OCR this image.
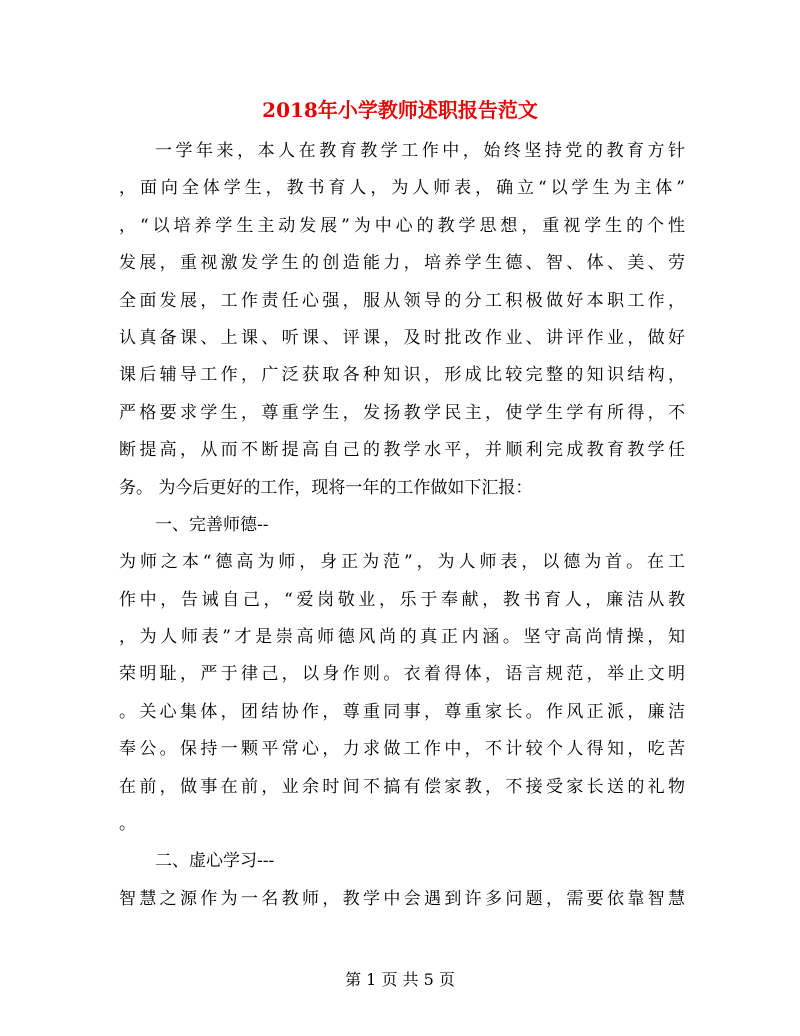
2018年小学教师述职报告范文
一学年来，本人在教育教学工作中，始终坚持党的教育方针
，面向全体学生，教书育人，为人师表，确立“以学生为主体”
，“以培养学生主动发展”为中心的教学思想，重视学生的个性
发展，重视激发学生的创造能力，培养学生德、智、体、美、劳
全面发展，工作责任心强，服从领导的分工积极做好本职工作，
认真备课、上课、听课、评课，及时批改作业、讲评作业，做好
课后辅导工作，广泛获取各种知识，形成比较完整的知识结构，
严格要求学生，尊重学生，发扬教学民主，使学生学有所得，不
断提高，从而不断提高自己的教学水平，并顺利完成教育教学任
务。 为今后更好的工作，现将一年的工作做如下汇报：
一、完善师德--
为师之本“德高为师，身正为范”，为人师表，以德为首。在工
作中，告诫自己，“爱岗敬业，乐于奉献，教书育人，廉洁从教
，为人师表”才是崇高师德风尚的真正内涵。坚守高尚情操，知
荣明耻，严于律己，以身作则。衣着得体，语言规范，举止文明
。关心集体，团结协作，尊重同事，尊重家长。作风正派，廉洁
奉公。保持一颗平常心，力求做工作中，不计较个人得知，吃苦
在前，做事在前，业余时间不搞有偿家教，不接受家长送的礼物
。
二、虚心学习---
智慧之源作为一名教师，教学中会遇到许多问题，需要依靠智慧
第 1 页 共 5 页
